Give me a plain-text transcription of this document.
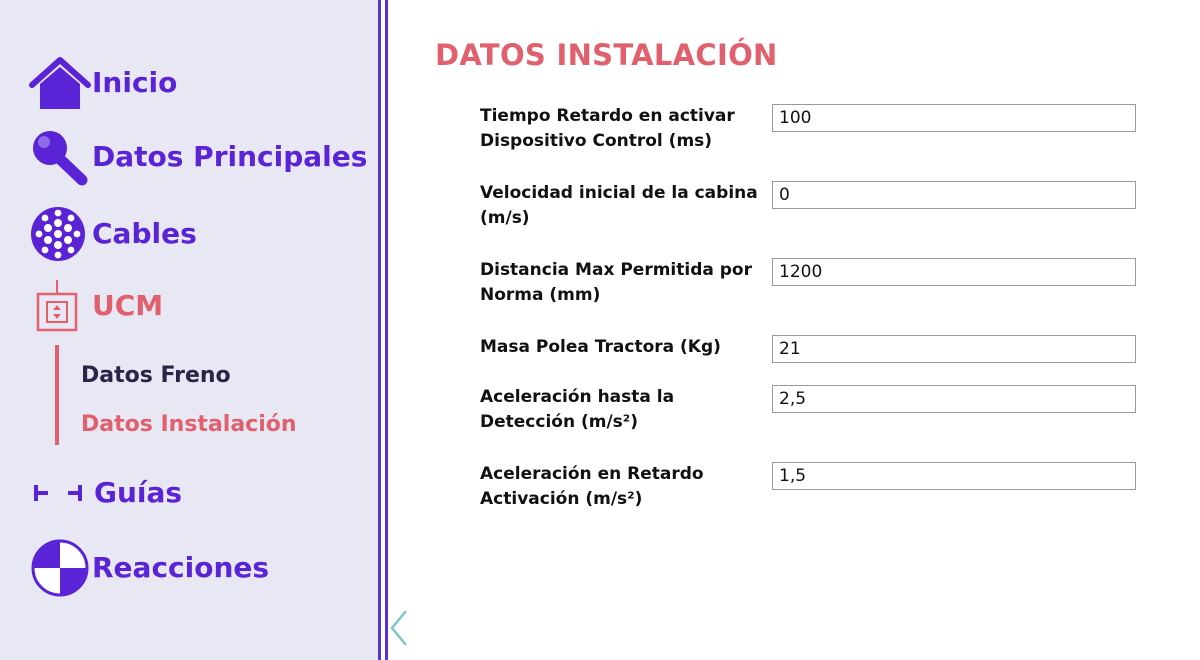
Inicio
Datos Principales
Cables
UCM
Datos Freno
Datos Instalación
Guías
Reacciones
DATOS INSTALACIÓN
Tiempo Retardo en activar Dispositivo Control (ms)
100
Velocidad inicial de la cabina (m/s)
0
Distancia Max Permitida por Norma (mm)
1200
Masa Polea Tractora (Kg)
21
Aceleración hasta la Detección (m/s²)
2,5
Aceleración en Retardo Activación (m/s²)
1,5
